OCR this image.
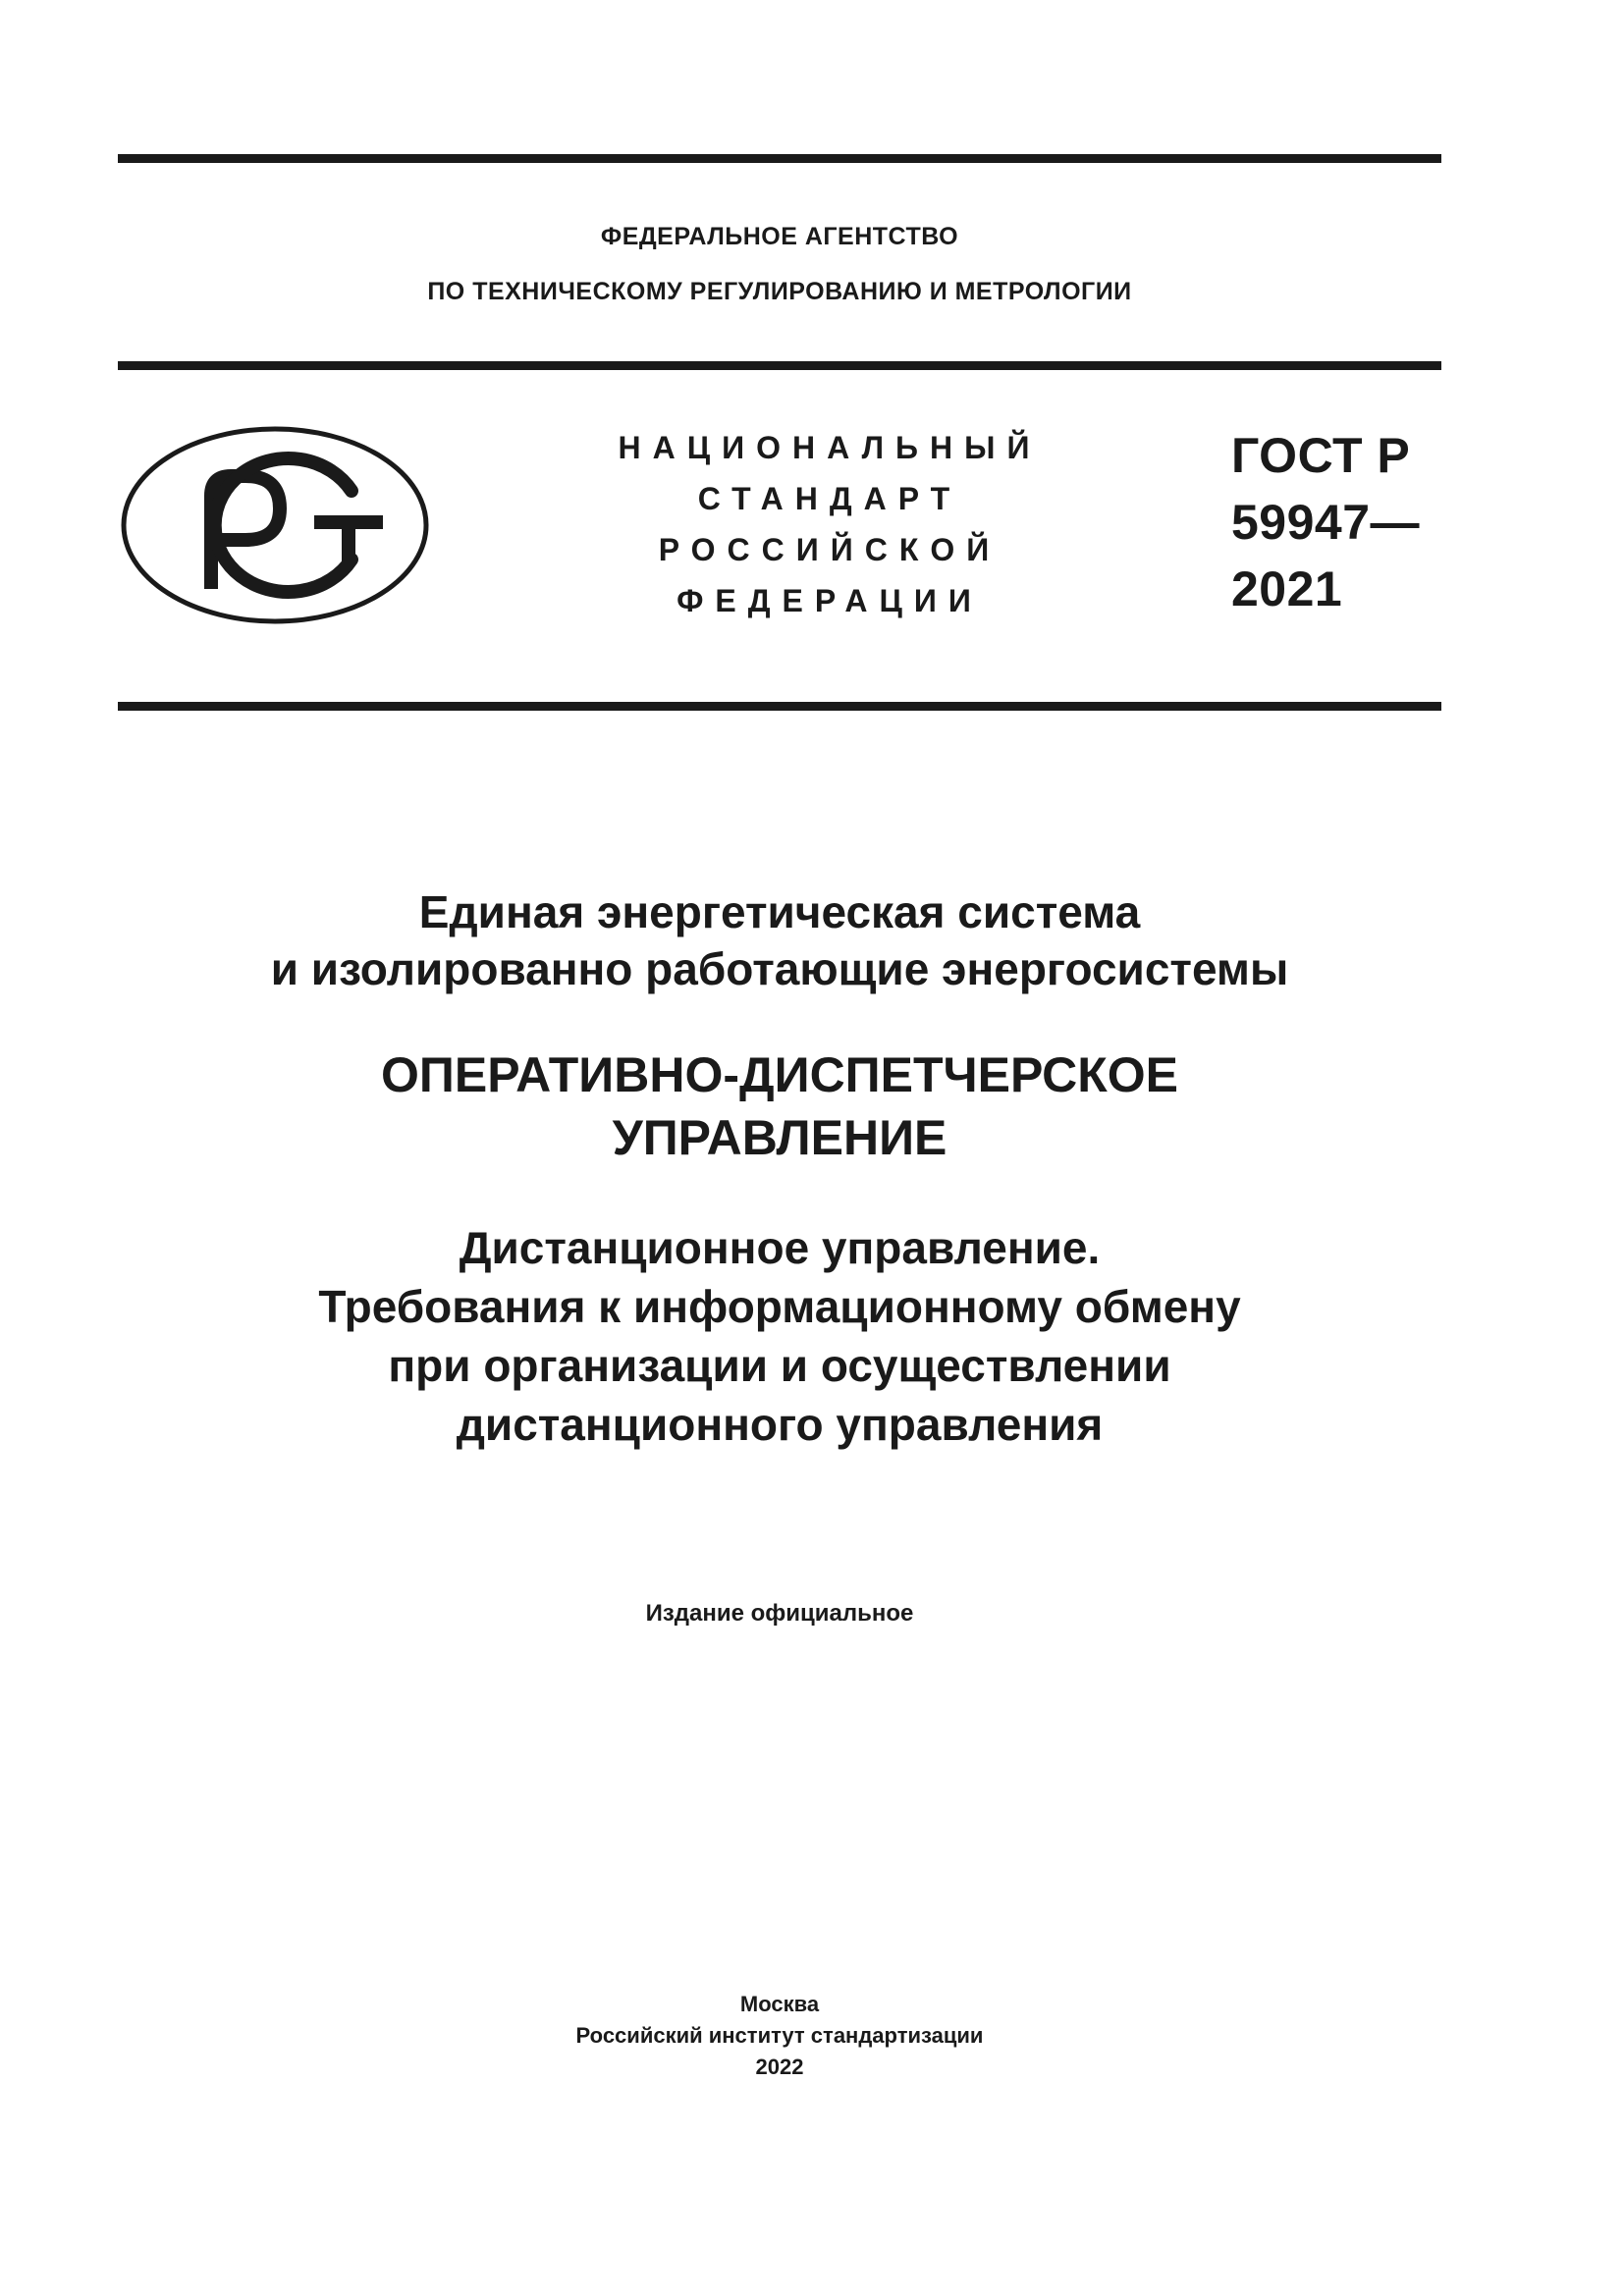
ФЕДЕРАЛЬНОЕ АГЕНТСТВО
ПО ТЕХНИЧЕСКОМУ РЕГУЛИРОВАНИЮ И МЕТРОЛОГИИ
НАЦИОНАЛЬНЫЙ
СТАНДАРТ
РОССИЙСКОЙ
ФЕДЕРАЦИИ
ГОСТ Р
59947—
2021
Единая энергетическая система
и изолированно работающие энергосистемы
ОПЕРАТИВНО-ДИСПЕТЧЕРСКОЕ
УПРАВЛЕНИЕ
Дистанционное управление.
Требования к информационному обмену
при организации и осуществлении
дистанционного управления
Издание официальное
Москва
Российский институт стандартизации
2022
